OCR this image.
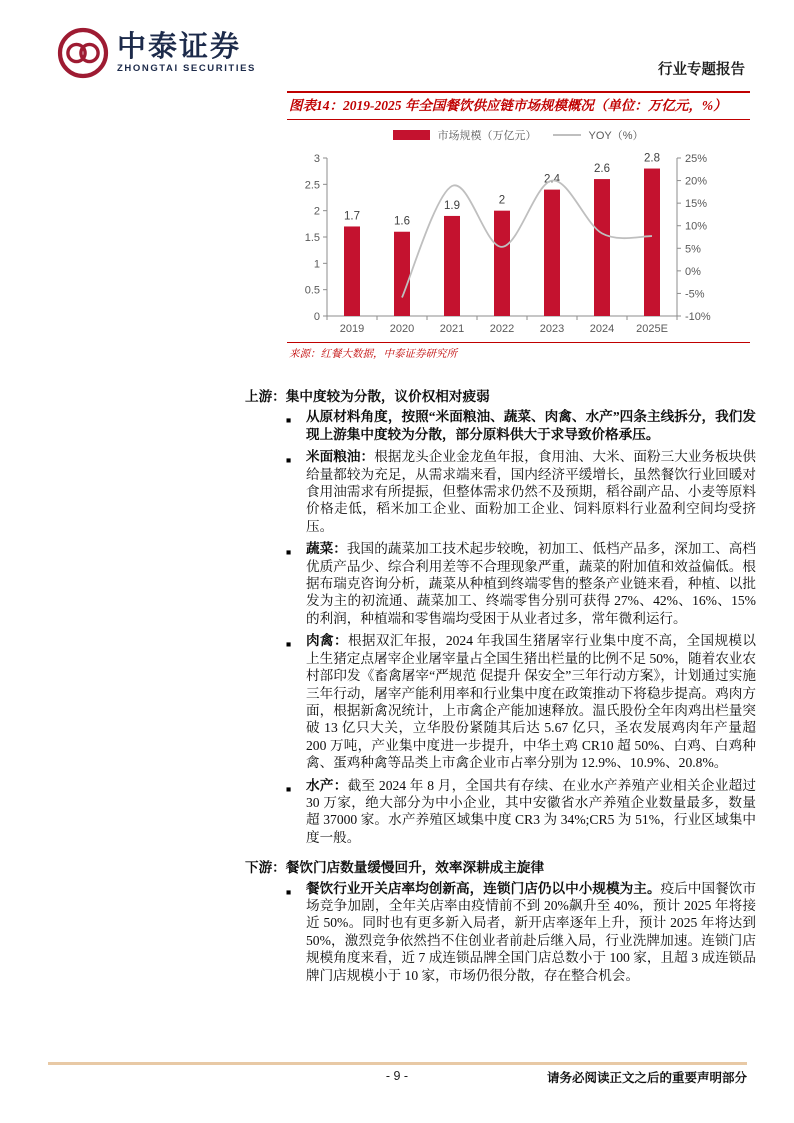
中泰证券
ZHONGTAI SECURITIES	行业专题报告
图表14：2019-2025 年全国餐饮供应链市场规模概况（单位：万亿元，%）
市场规模（万亿元）	YOY（%）
0
0.5
1
1.5
2
2.5
3
-10%
-5%
0%
5%
10%
15%
20%
25%
2019 2020 2021 2022 2023 2024 2025E
1.7	1.6
1.9	2
2.4
2.6
2.8
来源：红餐大数据，中泰证券研究所
上游：集中度较为分散，议价权相对疲弱
■	从原材料角度，按照“米面粮油、蔬菜、肉禽、水产”四条主线拆分，我们发现上游集中度较为分散，部分原料供大于求导致价格承压。
■	米面粮油：根据龙头企业金龙鱼年报，食用油、大米、面粉三大业务板块供给量都较为充足，从需求端来看，国内经济平缓增长，虽然餐饮行业回暖对食用油需求有所提振，但整体需求仍然不及预期，稻谷副产品、小麦等原料价格走低，稻米加工企业、面粉加工企业、饲料原料行业盈利空间均受挤压。
■	蔬菜：我国的蔬菜加工技术起步较晚，初加工、低档产品多，深加工、高档优质产品少、综合利用差等不合理现象严重，蔬菜的附加值和效益偏低。根据布瑞克咨询分析，蔬菜从种植到终端零售的整条产业链来看，种植、以批发为主的初流通、蔬菜加工、终端零售分别可获得 27%、42%、16%、15%的利润，种植端和零售端均受困于从业者过多，常年微利运行。
■	肉禽：根据双汇年报，2024 年我国生猪屠宰行业集中度不高，全国规模以上生猪定点屠宰企业屠宰量占全国生猪出栏量的比例不足 50%，随着农业农村部印发《畜禽屠宰“严规范 促提升 保安全”三年行动方案》，计划通过实施三年行动，屠宰产能利用率和行业集中度在政策推动下将稳步提高。鸡肉方面，根据新禽况统计，上市禽企产能加速释放。温氏股份全年肉鸡出栏量突破 13 亿只大关，立华股份紧随其后达 5.67 亿只，圣农发展鸡肉年产量超 200 万吨，产业集中度进一步提升，中华土鸡 CR10 超 50%、白鸡、白鸡种禽、蛋鸡种禽等品类上市禽企业市占率分别为 12.9%、10.9%、20.8%。
■	水产：截至 2024 年 8 月，全国共有存续、在业水产养殖产业相关企业超过 30 万家，绝大部分为中小企业，其中安徽省水产养殖企业数量最多，数量超 37000 家。水产养殖区域集中度 CR3 为 34%;CR5 为 51%，行业区域集中度一般。
下游：餐饮门店数量缓慢回升，效率深耕成主旋律
■	餐饮行业开关店率均创新高，连锁门店仍以中小规模为主。疫后中国餐饮市场竞争加剧，全年关店率由疫情前不到 20%飙升至 40%，预计 2025 年将接近 50%。同时也有更多新入局者，新开店率逐年上升，预计 2025 年将达到 50%，激烈竞争依然挡不住创业者前赴后继入局，行业洗牌加速。连锁门店规模角度来看，近 7 成连锁品牌全国门店总数小于 100 家，且超 3 成连锁品牌门店规模小于 10 家，市场仍很分散，存在整合机会。
- 9 -	请务必阅读正文之后的重要声明部分
